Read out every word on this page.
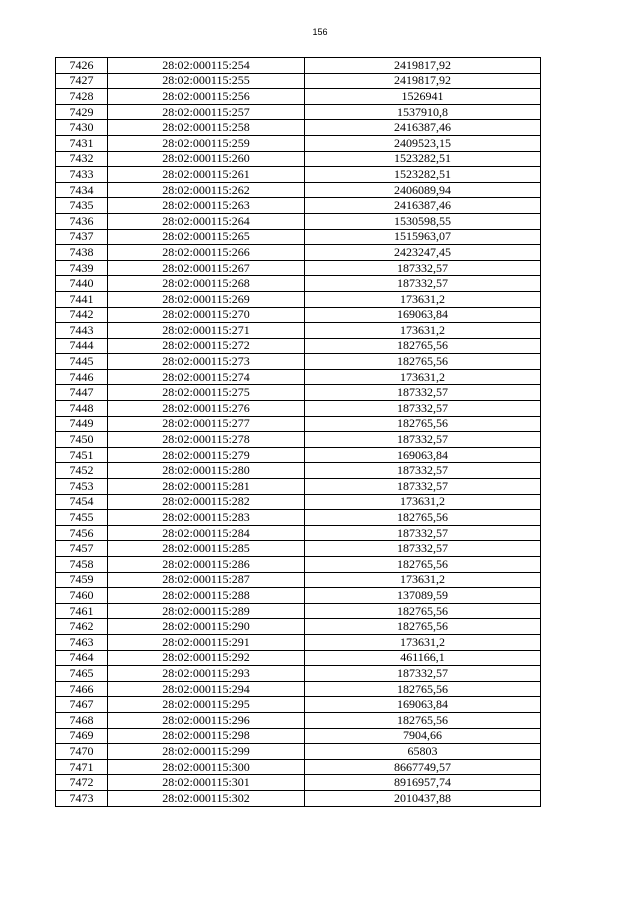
156
7426	28:02:000115:254	2419817,92
7427	28:02:000115:255	2419817,92
7428	28:02:000115:256	1526941
7429	28:02:000115:257	1537910,8
7430	28:02:000115:258	2416387,46
7431	28:02:000115:259	2409523,15
7432	28:02:000115:260	1523282,51
7433	28:02:000115:261	1523282,51
7434	28:02:000115:262	2406089,94
7435	28:02:000115:263	2416387,46
7436	28:02:000115:264	1530598,55
7437	28:02:000115:265	1515963,07
7438	28:02:000115:266	2423247,45
7439	28:02:000115:267	187332,57
7440	28:02:000115:268	187332,57
7441	28:02:000115:269	173631,2
7442	28:02:000115:270	169063,84
7443	28:02:000115:271	173631,2
7444	28:02:000115:272	182765,56
7445	28:02:000115:273	182765,56
7446	28:02:000115:274	173631,2
7447	28:02:000115:275	187332,57
7448	28:02:000115:276	187332,57
7449	28:02:000115:277	182765,56
7450	28:02:000115:278	187332,57
7451	28:02:000115:279	169063,84
7452	28:02:000115:280	187332,57
7453	28:02:000115:281	187332,57
7454	28:02:000115:282	173631,2
7455	28:02:000115:283	182765,56
7456	28:02:000115:284	187332,57
7457	28:02:000115:285	187332,57
7458	28:02:000115:286	182765,56
7459	28:02:000115:287	173631,2
7460	28:02:000115:288	137089,59
7461	28:02:000115:289	182765,56
7462	28:02:000115:290	182765,56
7463	28:02:000115:291	173631,2
7464	28:02:000115:292	461166,1
7465	28:02:000115:293	187332,57
7466	28:02:000115:294	182765,56
7467	28:02:000115:295	169063,84
7468	28:02:000115:296	182765,56
7469	28:02:000115:298	7904,66
7470	28:02:000115:299	65803
7471	28:02:000115:300	8667749,57
7472	28:02:000115:301	8916957,74
7473	28:02:000115:302	2010437,88
